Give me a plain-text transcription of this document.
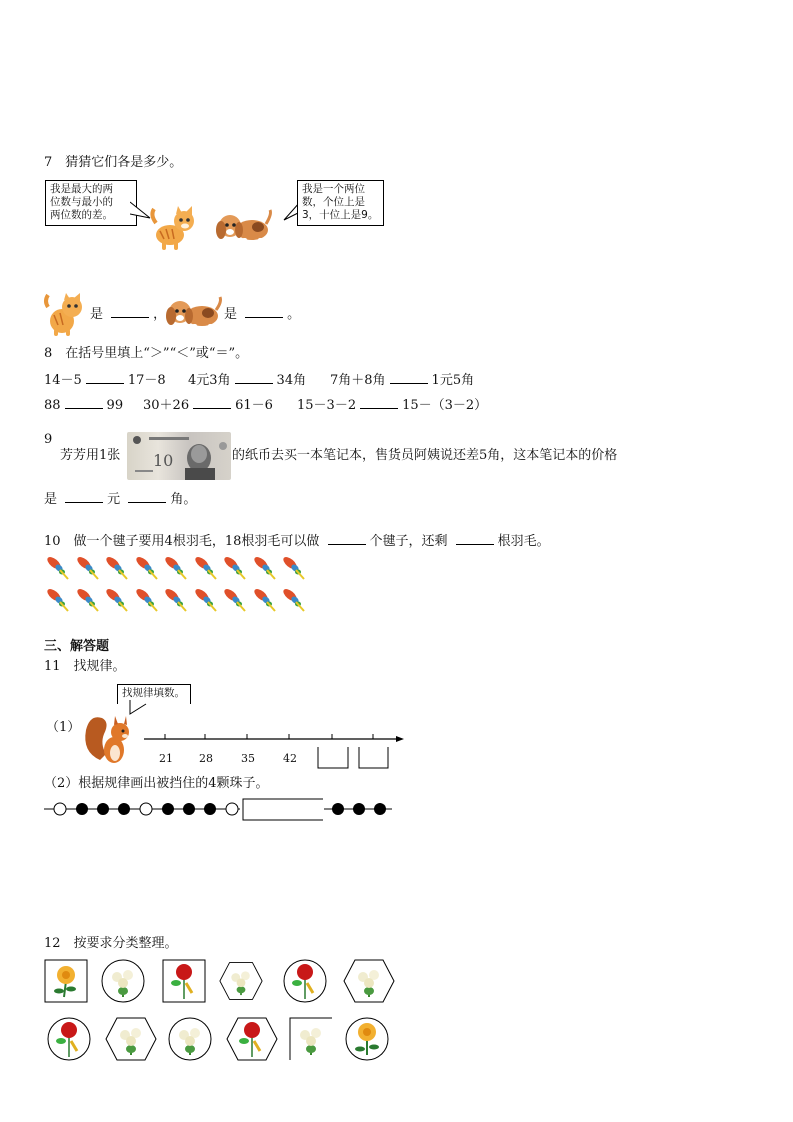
7　猜猜它们各是多少。
我是最大的两
位数与最小的
两位数的差。
我是一个两位
数，个位上是
3，十位上是9。
是	，	是	。
8　在括号里填上“＞”“＜”或“＝”。
14－5	17－8 4元3角	34角 7角＋8角	1元5角
88	99 30＋26	61－6 15－3－2	15－（3－2）
9
芳芳用1张 10	的纸币去买一本笔记本，售货员阿姨说还差5角，这本笔记本的价格
是	元	角。
10　做一个毽子要用4根羽毛，18根羽毛可以做	个毽子，还剩	根羽毛。
三、解答题
11　找规律。
找规律填数。
（1）
21 28	35	42
（2）根据规律画出被挡住的4颗珠子。
12　按要求分类整理。
